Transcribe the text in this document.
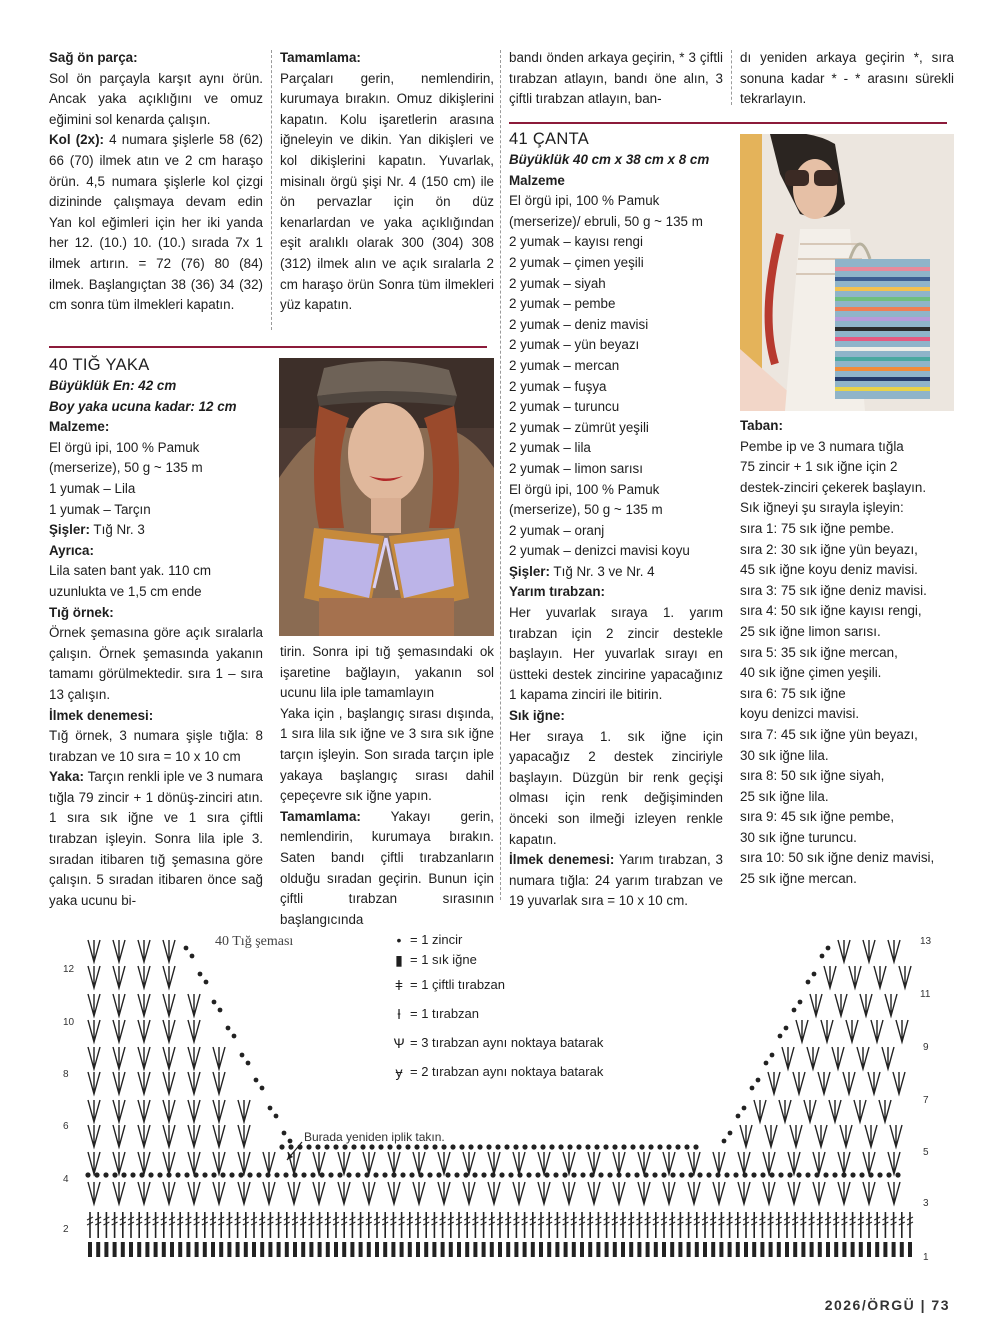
Sağ ön parça:

Sol ön parçayla karşıt aynı örün. Ancak yaka açıklığını ve omuz eğimini sol kenarda çalışın.

Kol (2x): 4 numara şişlerle 58 (62) 66 (70) ilmek atın ve 2 cm haraşo örün. 4,5 numara şişlerle kol çizgi dizininde çalışmaya devam edin Yan kol eğimleri için her iki yanda her 12. (10.) 10. (10.) sırada 7x 1 ilmek artırın. = 72 (76) 80 (84) ilmek. Başlangıçtan 38 (36) 34 (32) cm sonra tüm ilmekleri kapatın.

40 TIĞ YAKA

Büyüklük En: 42 cm

Boy yaka ucuna kadar: 12 cm

Malzeme:

El örgü ipi, 100 % Pamuk (merserize), 50 g ~ 135 m

1 yumak – Lila

1 yumak – Tarçın

Şişler: Tığ Nr. 3

Ayrıca:

Lila saten bant yak. 110 cm uzunlukta ve 1,5 cm ende

Tığ örnek:

Örnek şemasına göre açık sıralarla çalışın. Örnek şemasında yakanın tamamı görülmektedir. sıra 1 – sıra 13 çalışın.

İlmek denemesi:

Tığ örnek, 3 numara şişle tığla: 8 tırabzan ve 10 sıra = 10 x 10 cm

Yaka: Tarçın renkli iple ve 3 numara tığla 79 zincir + 1 dönüş-zinciri atın. 1 sıra sık iğne ve 1 sıra çiftli tırabzan işleyin. Sonra lila iple 3. sıradan itibaren tığ şemasına göre çalışın. 5 sıradan itibaren önce sağ yaka ucunu bi-

Tamamlama:

Parçaları gerin, nemlendirin, kurumaya bırakın. Omuz dikişlerini kapatın. Kolu işaretlerin arasına iğneleyin ve dikin. Yan dikişleri ve kol dikişlerini kapatın. Yuvarlak, misinalı örgü şişi Nr. 4 (150 cm) ile ön pervazlar için ön düz kenarlardan ve yaka açıklığından eşit aralıklı olarak 300 (304) 308 (312) ilmek alın ve açık sıralarla 2 cm haraşo örün Sonra tüm ilmekleri yüz kapatın.

tirin. Sonra ipi tığ şemasındaki ok işaretine bağlayın, yakanın sol ucunu lila iple tamamlayın

Yaka için , başlangıç sırası dışında, 1 sıra lila sık iğne ve 3 sıra sık iğne tarçın işleyin. Son sırada tarçın iple yakaya başlangıç sırası dahil çepeçevre sık iğne yapın.

Tamamlama: Yakayı gerin, nemlendirin, kurumaya bırakın. Saten bandı çiftli tırabzanların olduğu sıradan geçirin. Bunun için çiftli tırabzan sırasının başlangıcında

bandı önden arkaya geçirin, * 3 çiftli tırabzan atlayın, bandı öne alın, 3 çiftli tırabzan atlayın, ban-

41 ÇANTA

Büyüklük 40 cm x 38 cm x 8 cm

Malzeme

El örgü ipi, 100 % Pamuk (merserize)/ ebruli, 50 g ~ 135 m

2 yumak – kayısı rengi

2 yumak – çimen yeşili

2 yumak – siyah

2 yumak – pembe

2 yumak – deniz mavisi

2 yumak – yün beyazı

2 yumak – mercan

2 yumak – fuşya

2 yumak – turuncu

2 yumak – zümrüt yeşili

2 yumak – lila

2 yumak – limon sarısı

El örgü ipi, 100 % Pamuk (merserize), 50 g ~ 135 m

2 yumak – oranj

2 yumak – denizci mavisi koyu

Şişler: Tığ Nr. 3 ve Nr. 4

Yarım tırabzan:

Her yuvarlak sıraya 1. yarım tırabzan için 2 zincir destekle başlayın. Her yuvarlak sırayı en üstteki destek zincirine yapacağınız 1 kapama zinciri ile bitirin.

Sık iğne:

Her sıraya 1. sık iğne için yapacağız 2 destek zinciriyle başlayın. Düzgün bir renk geçişi olması için renk değişiminden önceki son ilmeği izleyen renkle kapatın.

İlmek denemesi: Yarım tırabzan, 3 numara tığla: 24 yarım tırabzan ve 19 yuvarlak sıra = 10 x 10 cm.

dı yeniden arkaya geçirin *, sıra sonuna kadar * - * arasını sürekli tekrarlayın.

Taban:

Pembe ip ve 3 numara tığla

75 zincir + 1 sık iğne için 2

destek-zinciri çekerek başlayın.

Sık iğneyi şu sırayla işleyin:

sıra 1: 75 sık iğne pembe.

sıra 2: 30 sık iğne yün beyazı,

45 sık iğne koyu deniz mavisi.

sıra 3: 75 sık iğne deniz mavisi.

sıra 4: 50 sık iğne kayısı rengi,

25 sık iğne limon sarısı.

sıra 5: 35 sık iğne mercan,

40 sık iğne çimen yeşili.

sıra 6: 75 sık iğne

koyu denizci mavisi.

sıra 7: 45 sık iğne yün beyazı,

30 sık iğne lila.

sıra 8: 50 sık iğne siyah,

25 sık iğne lila.

sıra 9: 45 sık iğne pembe,

30 sık iğne turuncu.

sıra 10: 50 sık iğne deniz mavisi,

25 sık iğne mercan.

40 Tığ şeması
Burada yeniden iplik takın.
• = 1 zincir
▮ = 1 sık iğne
ǂ = 1 çiftli tırabzan
ƚ = 1 tırabzan
Ѱ = 3 tırabzan aynı noktaya batarak
ɏ = 2 tırabzan aynı noktaya batarak
12
10
8
6
4
2
13
11
9
7
5
3
1
2026/ÖRGÜ | 73
